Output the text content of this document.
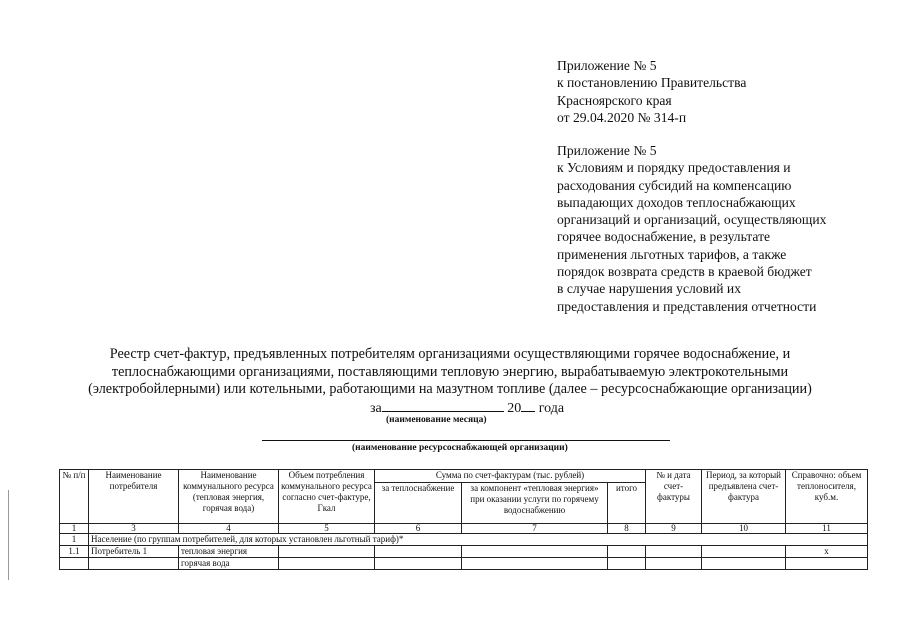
Приложение № 5
к постановлению Правительства
Красноярского края
от 29.04.2020 № 314-п
Приложение № 5
к Условиям и порядку предоставления и
расходования субсидий на компенсацию
выпадающих доходов теплоснабжающих
организаций и организаций, осуществляющих
горячее водоснабжение, в результате
применения льготных тарифов, а также
порядок возврата средств в краевой бюджет
в случае нарушения условий их
предоставления и представления отчетности
Реестр счет-фактур, предъявленных потребителям организациями осуществляющими горячее водоснабжение, и
теплоснабжающими организациями, поставляющими тепловую энергию, вырабатываемую электрокотельными
(электробойлерными) или котельными, работающими на мазутном топливе (далее – ресурсоснабжающие организации)
за	20 года
(наименование месяца)
(наименование ресурсоснабжающей организации)
№ п/п	Наименование потребителя	Наименование коммунального ресурса (тепловая энергия, горячая вода)	Объем потребления коммунального ресурса согласно счет-фактуре, Гкал	Сумма по счет-фактурам (тыс. рублей)			№ и дата счет-фактуры	Период, за который предъявлена счет-фактура	Справочно: объем теплоносителя, куб.м.
				за теплоснабжение	за компонент «тепловая энергия» при оказании услуги по горячему водоснабжению	итого			
1	3	4	5	6	7	8	9	10	11
1	Население (по группам потребителей, для которых установлен льготный тариф)*								
1.1	Потребитель 1	тепловая энергия							х
		горячая вода							
